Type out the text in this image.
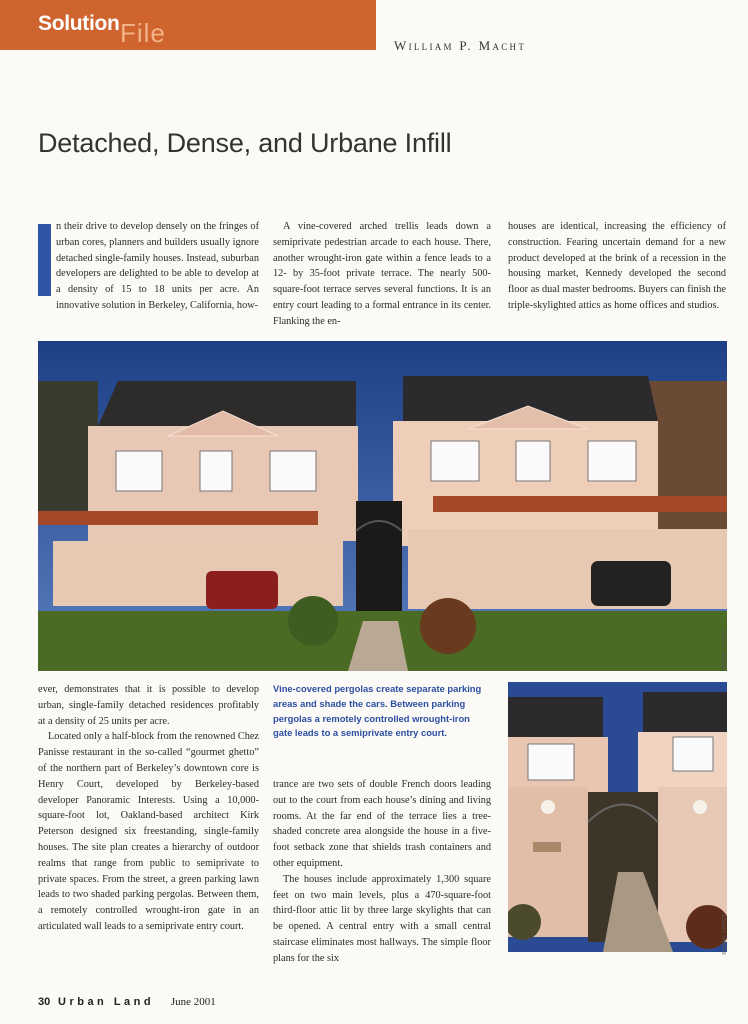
Solution File	William P. Macht
Detached, Dense, and Urbane Infill

n their drive to develop densely on the fringes of urban cores, planners and builders usually ignore detached single-family houses. Instead, suburban developers are delighted to be able to develop at a density of 15 to 18 units per acre. An innovative solution in Berkeley, California, how-

A vine-covered arched trellis leads down a semiprivate pedestrian arcade to each house. There, another wrought-iron gate within a fence leads to a 12- by 35-foot private terrace. The nearly 500-square-foot terrace serves several functions. It is an entry court leading to a formal entrance in its center. Flanking the en-

houses are identical, increasing the efficiency of construction. Fearing uncertain demand for a new product developed at the brink of a recession in the housing market, Kennedy developed the second floor as dual master bedrooms. Buyers can finish the triple-skylighted attics as home offices and studios.

©MARK CITRET

ever, demonstrates that it is possible to develop urban, single-family detached residences profitably at a density of 25 units per acre.

Located only a half-block from the renowned Chez Panisse restaurant in the so-called “gourmet ghetto” of the northern part of Berkeley’s downtown core is Henry Court, developed by Berkeley-based developer Panoramic Interests. Using a 10,000-square-foot lot, Oakland-based architect Kirk Peterson designed six freestanding, single-family houses. The site plan creates a hierarchy of outdoor realms that range from public to semiprivate to private spaces. From the street, a green parking lawn leads to two shaded parking pergolas. Between them, a remotely controlled wrought-iron gate in an articulated wall leads to a semiprivate entry court.

Vine-covered pergolas create separate parking areas and shade the cars. Between parking pergolas a remotely controlled wrought-iron gate leads to a semiprivate entry court.

trance are two sets of double French doors leading out to the court from each house’s dining and living rooms. At the far end of the terrace lies a tree-shaded concrete area alongside the house in a five-foot setback zone that shields trash containers and other equipment.

The houses include approximately 1,300 square feet on two main levels, plus a 470-square-foot third-floor attic lit by three large skylights that can be opened. A central entry with a small central staircase eliminates most hallways. The simple floor plans for the six

©MARK CITRET
30 Urban Land June 2001
